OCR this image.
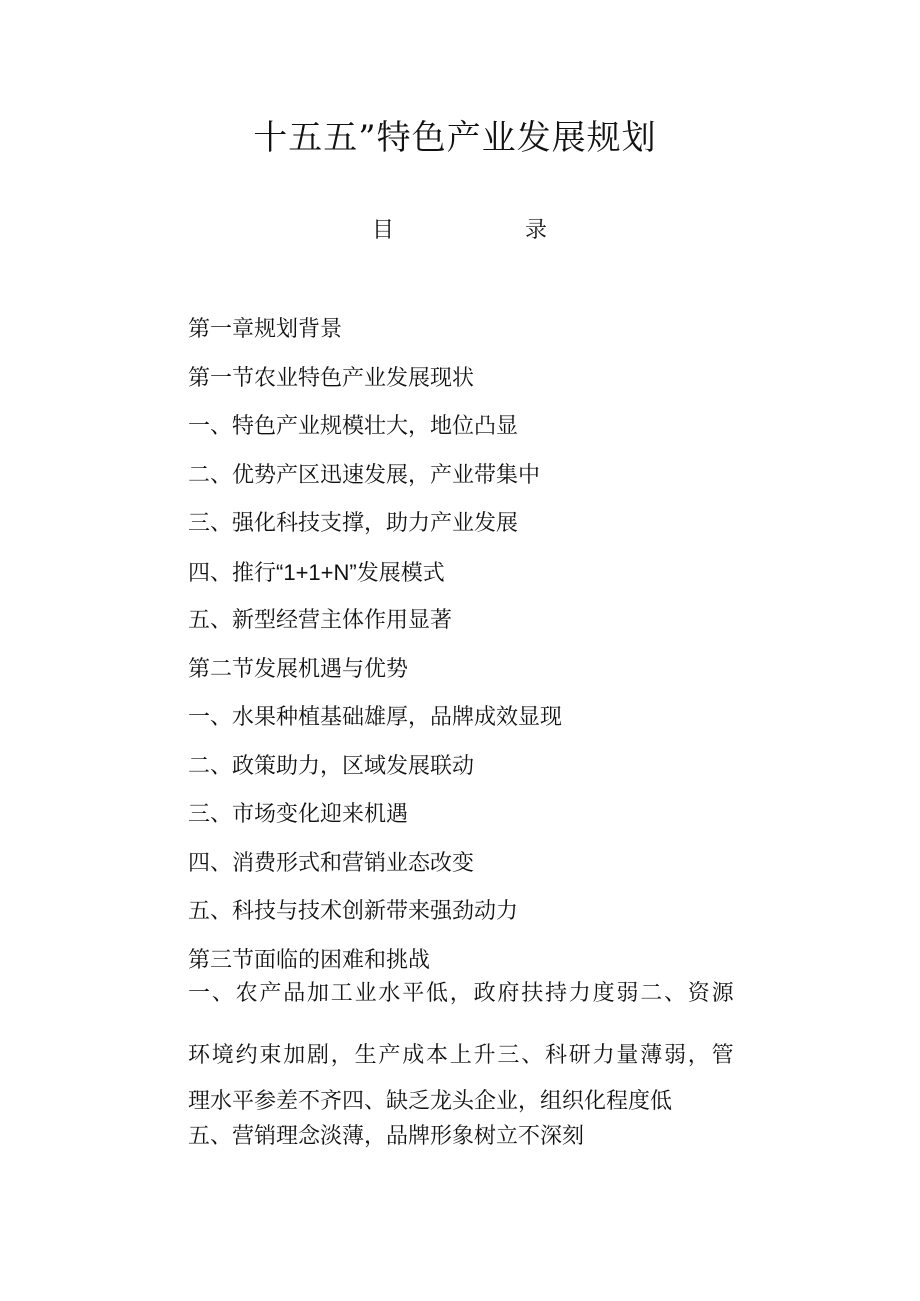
十五五”特色产业发展规划
目	录
第一章规划背景
第一节农业特色产业发展现状
一、特色产业规模壮大，地位凸显
二、优势产区迅速发展，产业带集中
三、强化科技支撑，助力产业发展
四、推行“1+1+N”发展模式
五、新型经营主体作用显著
第二节发展机遇与优势
一、水果种植基础雄厚，品牌成效显现
二、政策助力，区域发展联动
三、市场变化迎来机遇
四、消费形式和营销业态改变
五、科技与技术创新带来强劲动力
第三节面临的困难和挑战
一、农产品加工业水平低，政府扶持力度弱二、资源
环境约束加剧，生产成本上升三、科研力量薄弱，管
理水平参差不齐四、缺乏龙头企业，组织化程度低
五、营销理念淡薄，品牌形象树立不深刻
